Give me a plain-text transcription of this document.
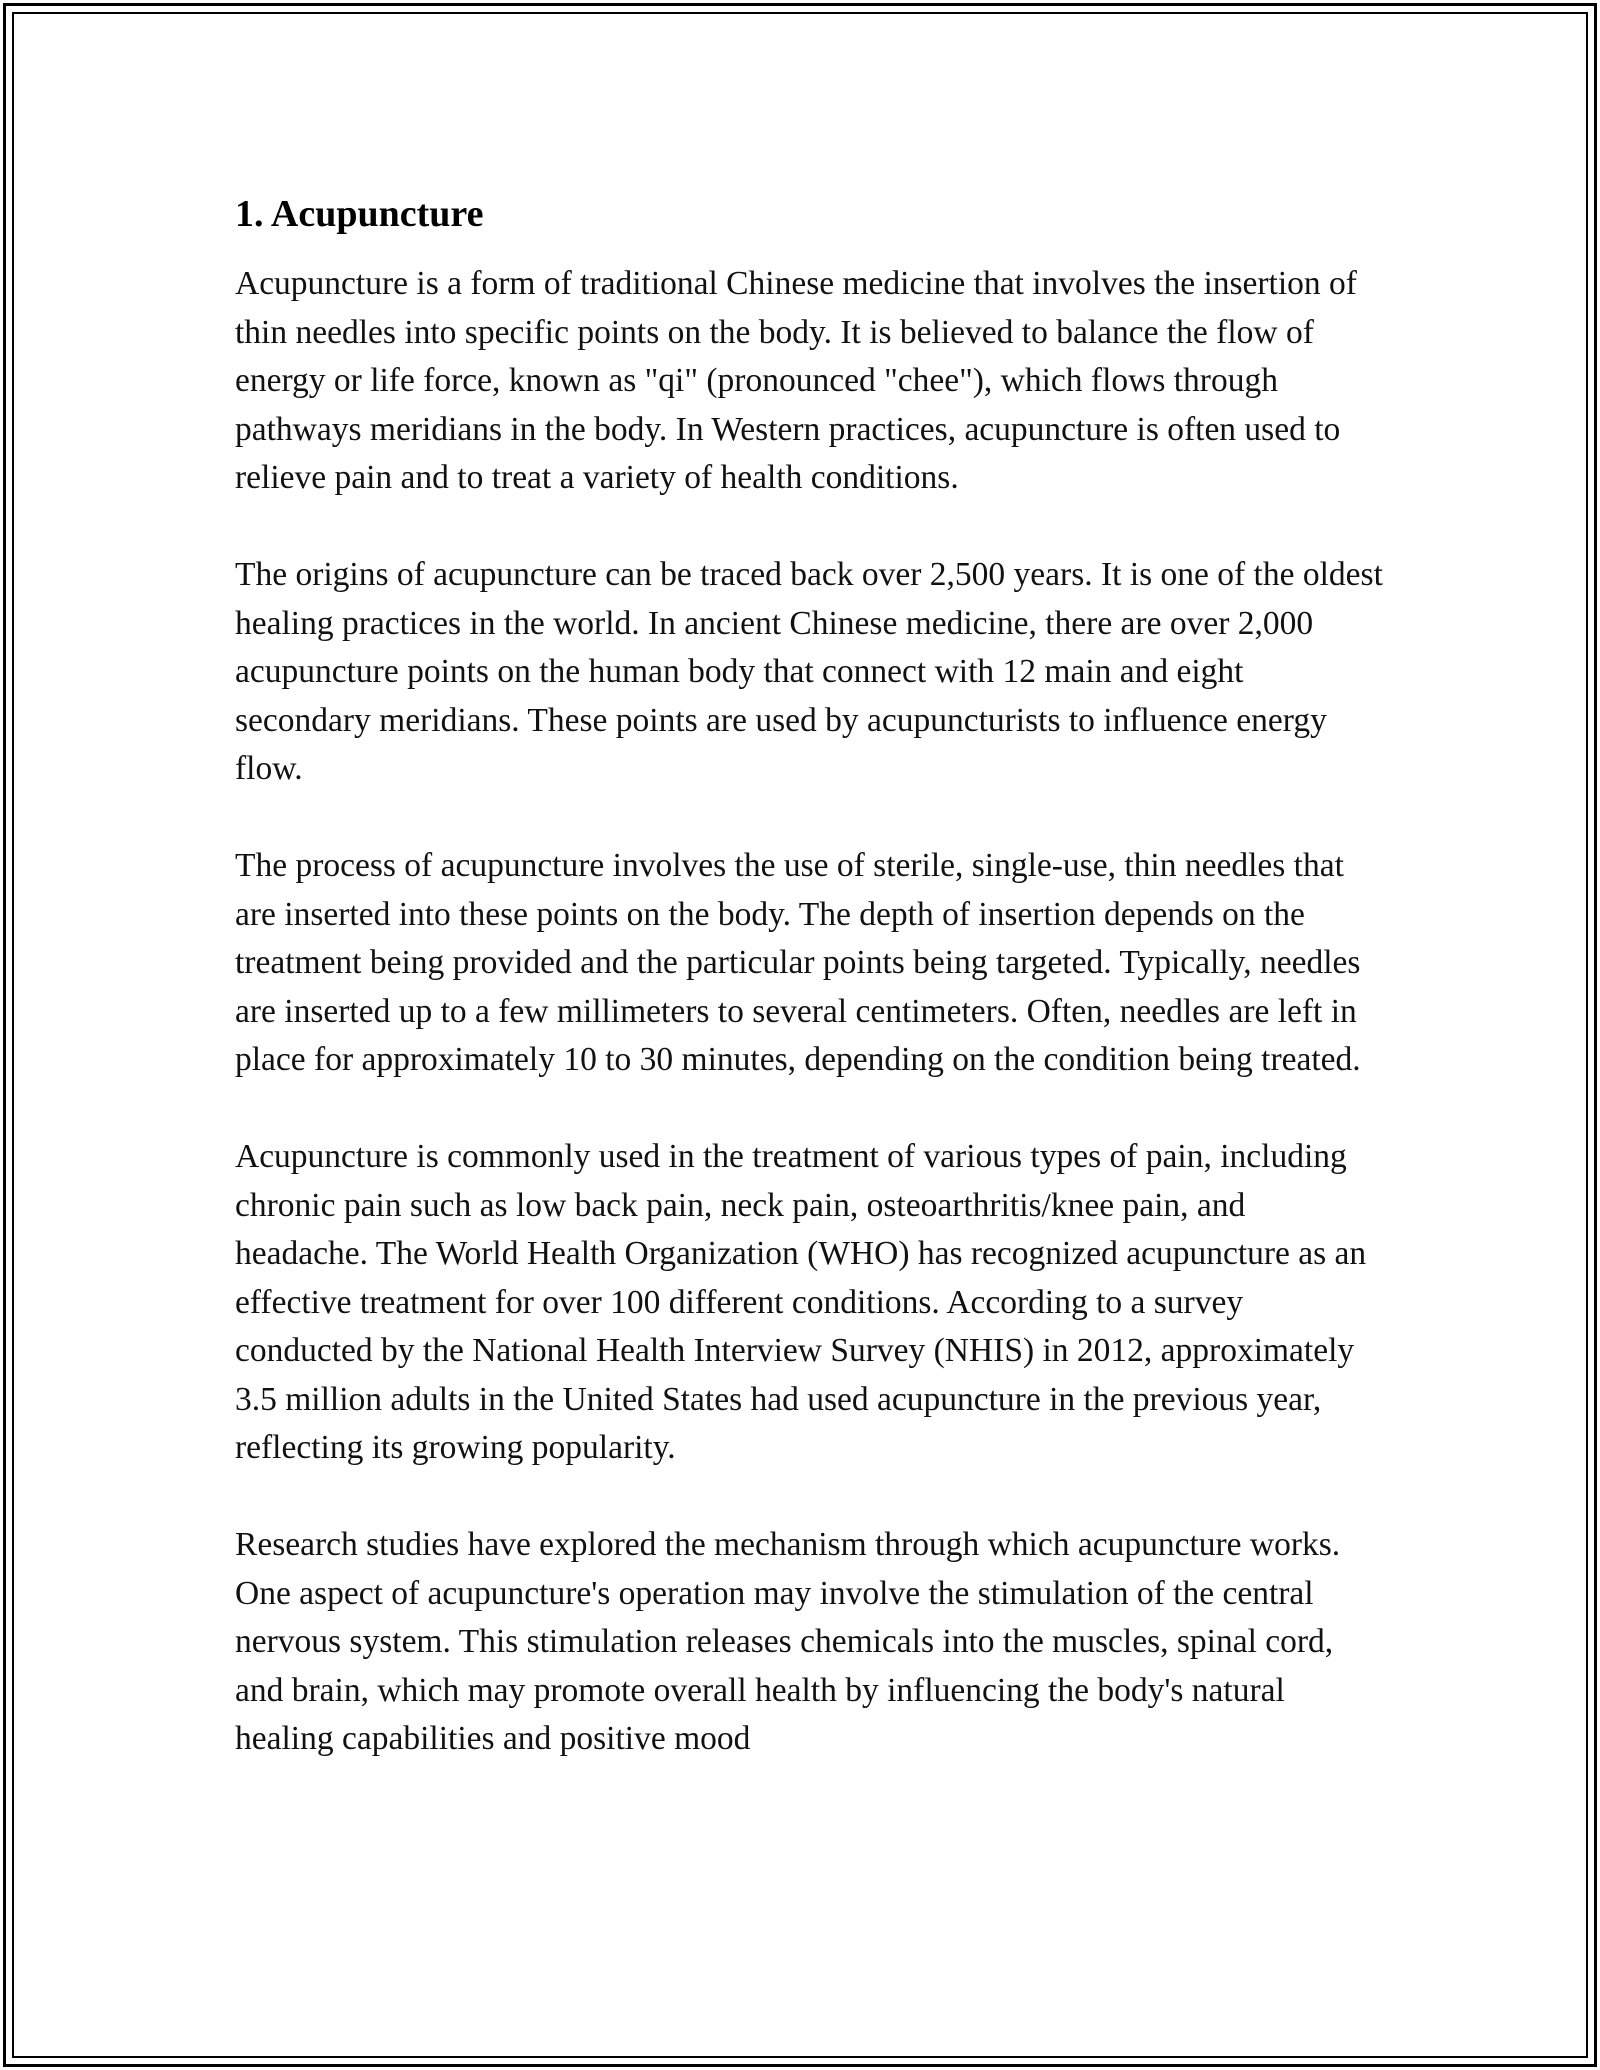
1. Acupuncture

Acupuncture is a form of traditional Chinese medicine that involves the insertion of thin needles into specific points on the body. It is believed to balance the flow of energy or life force, known as "qi" (pronounced "chee"), which flows through pathways meridians in the body. In Western practices, acupuncture is often used to relieve pain and to treat a variety of health conditions.

The origins of acupuncture can be traced back over 2,500 years. It is one of the oldest healing practices in the world. In ancient Chinese medicine, there are over 2,000 acupuncture points on the human body that connect with 12 main and eight secondary meridians. These points are used by acupuncturists to influence energy flow.

The process of acupuncture involves the use of sterile, single-use, thin needles that are inserted into these points on the body. The depth of insertion depends on the treatment being provided and the particular points being targeted. Typically, needles are inserted up to a few millimeters to several centimeters. Often, needles are left in place for approximately 10 to 30 minutes, depending on the condition being treated.

Acupuncture is commonly used in the treatment of various types of pain, including chronic pain such as low back pain, neck pain, osteoarthritis/knee pain, and headache. The World Health Organization (WHO) has recognized acupuncture as an effective treatment for over 100 different conditions. According to a survey conducted by the National Health Interview Survey (NHIS) in 2012, approximately 3.5 million adults in the United States had used acupuncture in the previous year, reflecting its growing popularity.

Research studies have explored the mechanism through which acupuncture works. One aspect of acupuncture's operation may involve the stimulation of the central nervous system. This stimulation releases chemicals into the muscles, spinal cord, and brain, which may promote overall health by influencing the body's natural healing capabilities and positive mood
